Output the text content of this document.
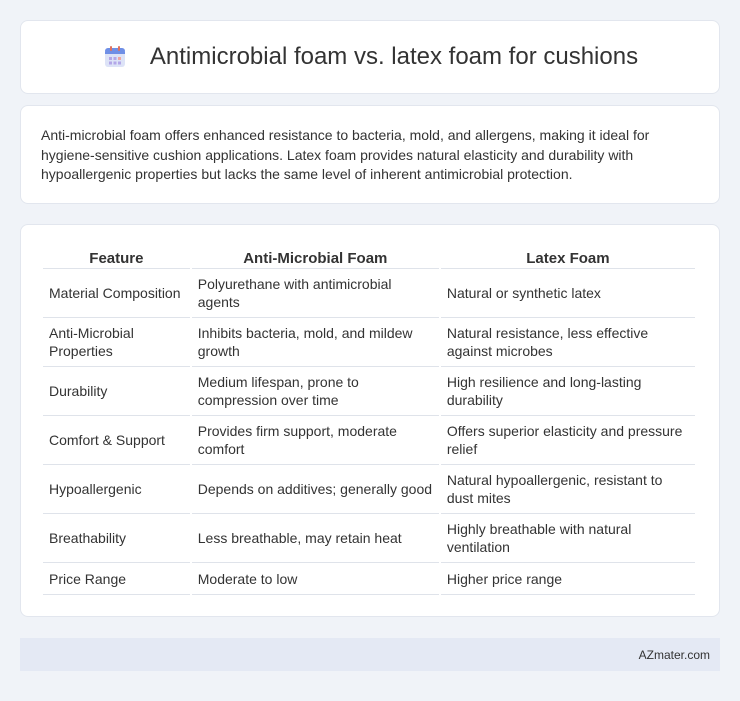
Antimicrobial foam vs. latex foam for cushions

Anti-microbial foam offers enhanced resistance to bacteria, mold, and allergens, making it ideal for hygiene-sensitive cushion applications. Latex foam provides natural elasticity and durability with hypoallergenic properties but lacks the same level of inherent antimicrobial protection.

Feature	Anti-Microbial Foam	Latex Foam
Material Composition	Polyurethane with antimicrobial agents	Natural or synthetic latex
Anti-Microbial Properties	Inhibits bacteria, mold, and mildew growth	Natural resistance, less effective against microbes
Durability	Medium lifespan, prone to compression over time	High resilience and long-lasting durability
Comfort & Support	Provides firm support, moderate comfort	Offers superior elasticity and pressure relief
Hypoallergenic	Depends on additives; generally good	Natural hypoallergenic, resistant to dust mites
Breathability	Less breathable, may retain heat	Highly breathable with natural ventilation
Price Range	Moderate to low	Higher price range
AZmater.com
